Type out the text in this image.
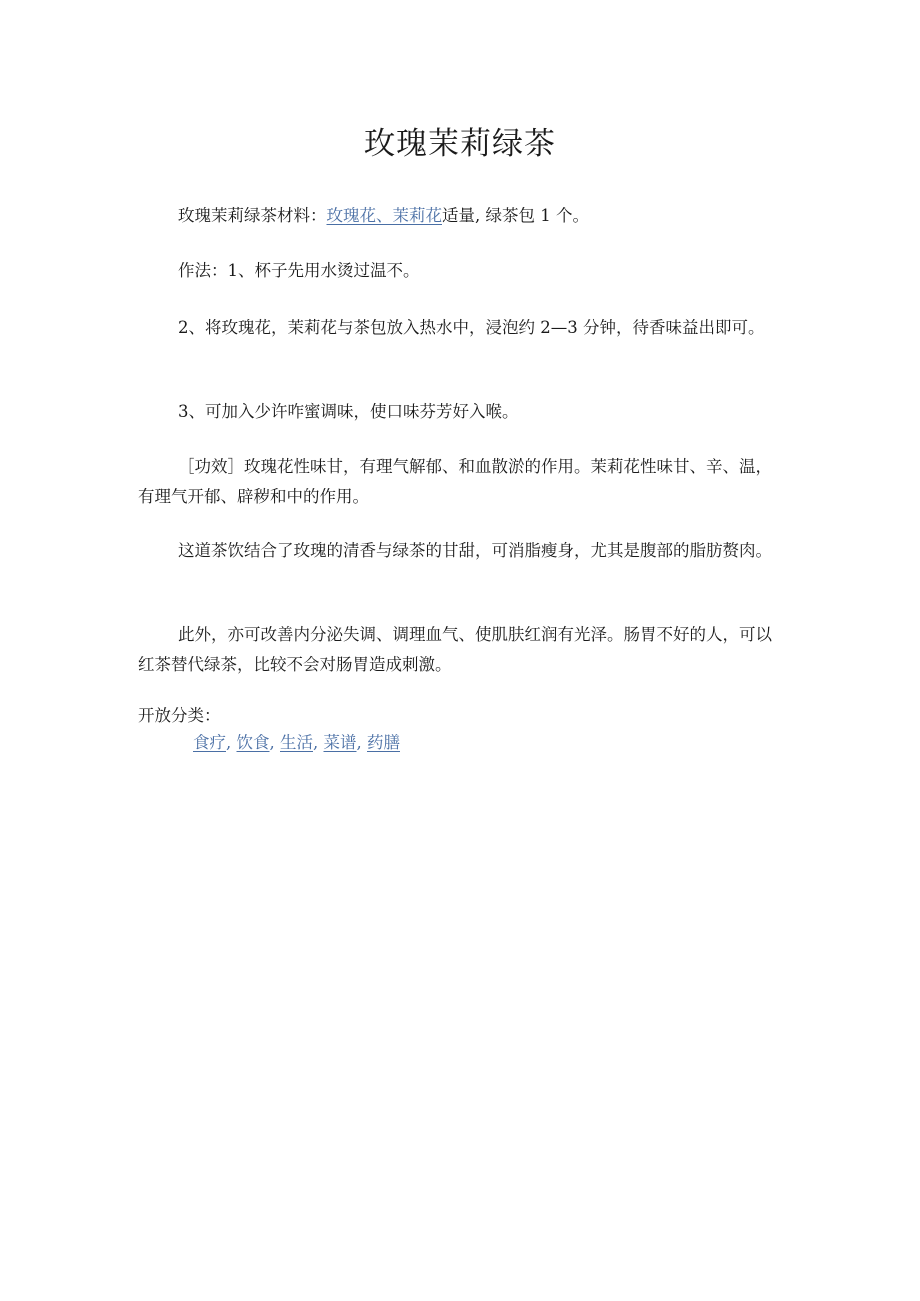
玫瑰茉莉绿茶

玫瑰茉莉绿茶材料：玫瑰花、茉莉花适量, 绿茶包 1 个。

作法：1、杯子先用水烫过温不。

2、将玫瑰花，茉莉花与茶包放入热水中，浸泡约 2—3 分钟，待香味益出即可。

3、可加入少许咋蜜调味，使口味芬芳好入喉。

［功效］玫瑰花性味甘，有理气解郁、和血散淤的作用。茉莉花性味甘、辛、温，有理气开郁、辟秽和中的作用。

这道茶饮结合了玫瑰的清香与绿茶的甘甜，可消脂瘦身，尤其是腹部的脂肪赘肉。

此外，亦可改善内分泌失调、调理血气、使肌肤红润有光泽。肠胃不好的人，可以红茶替代绿茶，比较不会对肠胃造成刺激。

开放分类：

食疗, 饮食, 生活, 菜谱, 药膳
